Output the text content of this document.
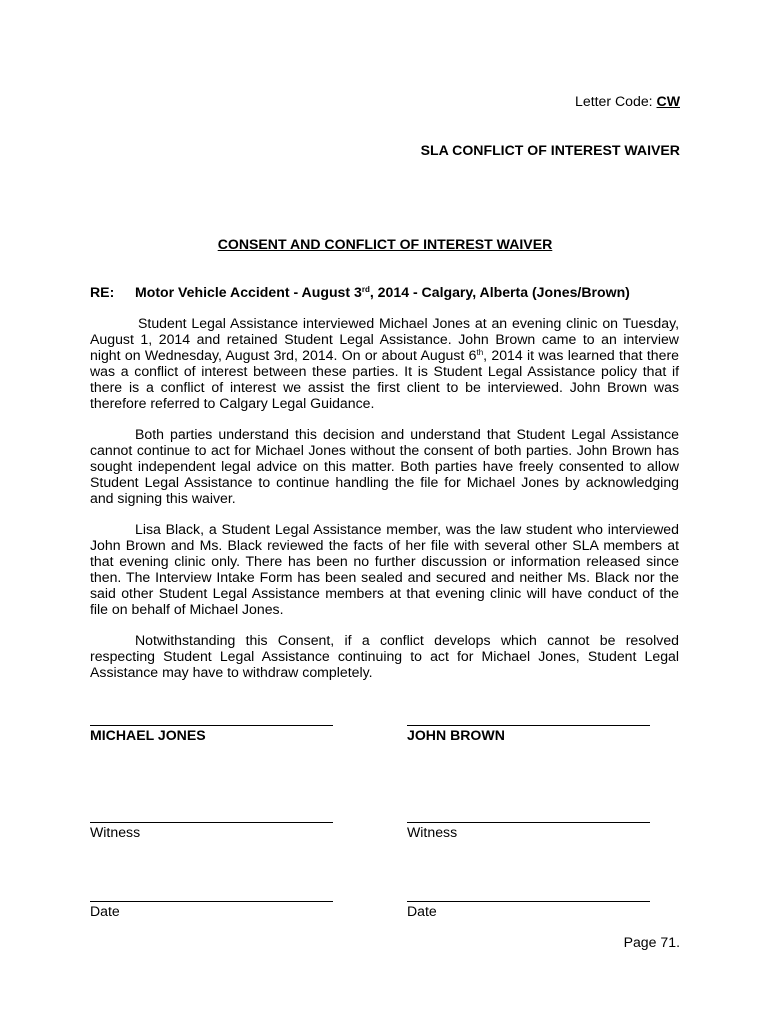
Letter Code: CW
SLA CONFLICT OF INTEREST WAIVER
CONSENT AND CONFLICT OF INTEREST WAIVER
RE: Motor Vehicle Accident - August 3rd, 2014 - Calgary, Alberta (Jones/Brown)
Student Legal Assistance interviewed Michael Jones at an evening clinic on Tuesday, August 1, 2014 and retained Student Legal Assistance. John Brown came to an interview night on Wednesday, August 3rd, 2014. On or about August 6th, 2014 it was learned that there was a conflict of interest between these parties. It is Student Legal Assistance policy that if there is a conflict of interest we assist the first client to be interviewed. John Brown was therefore referred to Calgary Legal Guidance.
Both parties understand this decision and understand that Student Legal Assistance cannot continue to act for Michael Jones without the consent of both parties. John Brown has sought independent legal advice on this matter. Both parties have freely consented to allow Student Legal Assistance to continue handling the file for Michael Jones by acknowledging and signing this waiver.
Lisa Black, a Student Legal Assistance member, was the law student who interviewed John Brown and Ms. Black reviewed the facts of her file with several other SLA members at that evening clinic only. There has been no further discussion or information released since then. The Interview Intake Form has been sealed and secured and neither Ms. Black nor the said other Student Legal Assistance members at that evening clinic will have conduct of the file on behalf of Michael Jones.
Notwithstanding this Consent, if a conflict develops which cannot be resolved respecting Student Legal Assistance continuing to act for Michael Jones, Student Legal Assistance may have to withdraw completely.
MICHAEL JONES	JOHN BROWN
Witness	Witness
Date	Date
Page 71.
